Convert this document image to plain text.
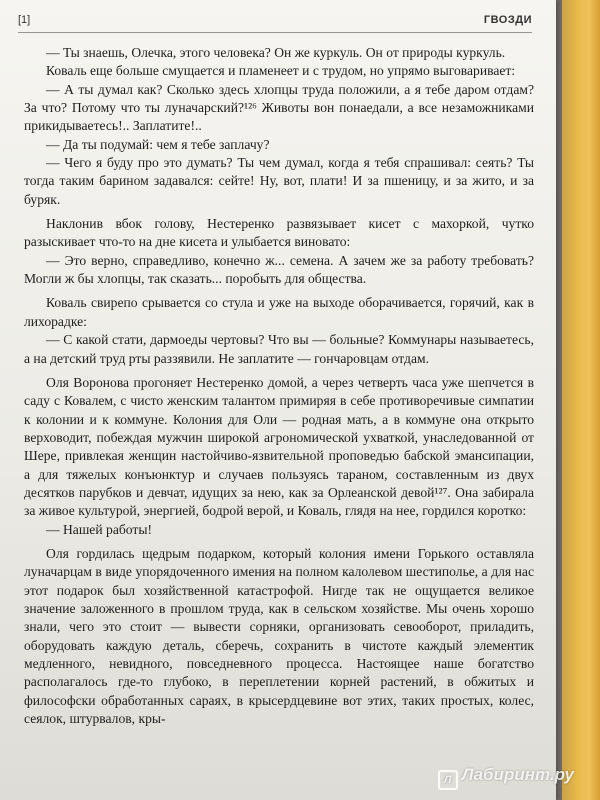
[1]	ГВОЗДИ

— Ты знаешь, Олечка, этого человека? Он же куркуль. Он от природы куркуль.

Коваль еще больше смущается и пламенеет и с трудом, но упрямо выговаривает:

— А ты думал как? Сколько здесь хлопцы труда положили, а я тебе даром отдам? За что? Потому что ты луначарский?¹²⁶ Животы вон понаедали, а все незаможниками прикидываетесь!.. Заплатите!..

— Да ты подумай: чем я тебе заплачу?

— Чего я буду про это думать? Ты чем думал, когда я тебя спрашивал: сеять? Ты тогда таким барином задавался: сейте! Ну, вот, плати! И за пшеницу, и за жито, и за буряк.

Наклонив вбок голову, Нестеренко развязывает кисет с махоркой, чутко разыскивает что-то на дне кисета и улыбается виновато:

— Это верно, справедливо, конечно ж... семена. А зачем же за работу требовать? Могли ж бы хлопцы, так сказать... поробыть для общества.

Коваль свирепо срывается со стула и уже на выходе оборачивается, горячий, как в лихорадке:

— С какой стати, дармоеды чертовы? Что вы — больные? Коммунары называетесь, а на детский труд рты раззявили. Не заплатите — гончаровцам отдам.

Оля Воронова прогоняет Нестеренко домой, а через четверть часа уже шепчется в саду с Ковалем, с чисто женским талантом примиряя в себе противоречивые симпатии к колонии и к коммуне. Колония для Оли — родная мать, а в коммуне она открыто верховодит, побеждая мужчин широкой агрономической ухваткой, унаследованной от Шере, привлекая женщин настойчиво-язвительной проповедью бабской эмансипации, а для тяжелых конъюнктур и случаев пользуясь тараном, составленным из двух десятков парубков и девчат, идущих за нею, как за Орлеанской девой¹²⁷. Она забирала за живое культурой, энергией, бодрой верой, и Коваль, глядя на нее, гордился коротко:

— Нашей работы!

Оля гордилась щедрым подарком, который колония имени Горького оставляла луначарцам в виде упорядоченного имения на полном калолевом шестиполье, а для нас этот подарок был хозяйственной катастрофой. Нигде так не ощущается великое значение заложенного в прошлом труда, как в сельском хозяйстве. Мы очень хорошо знали, чего это стоит — вывести сорняки, организовать севооборот, приладить, оборудовать каждую деталь, сберечь, сохранить в чистоте каждый элементик медленного, невидного, повседневного процесса. Настоящее наше богатство располагалось где-то глубоко, в переплетении корней растений, в обжитых и философски обработанных сараях, в крысердцевине вот этих, таких простых, колес, сеялок, штурвалов, кры-

Л Лабиринт.ру
